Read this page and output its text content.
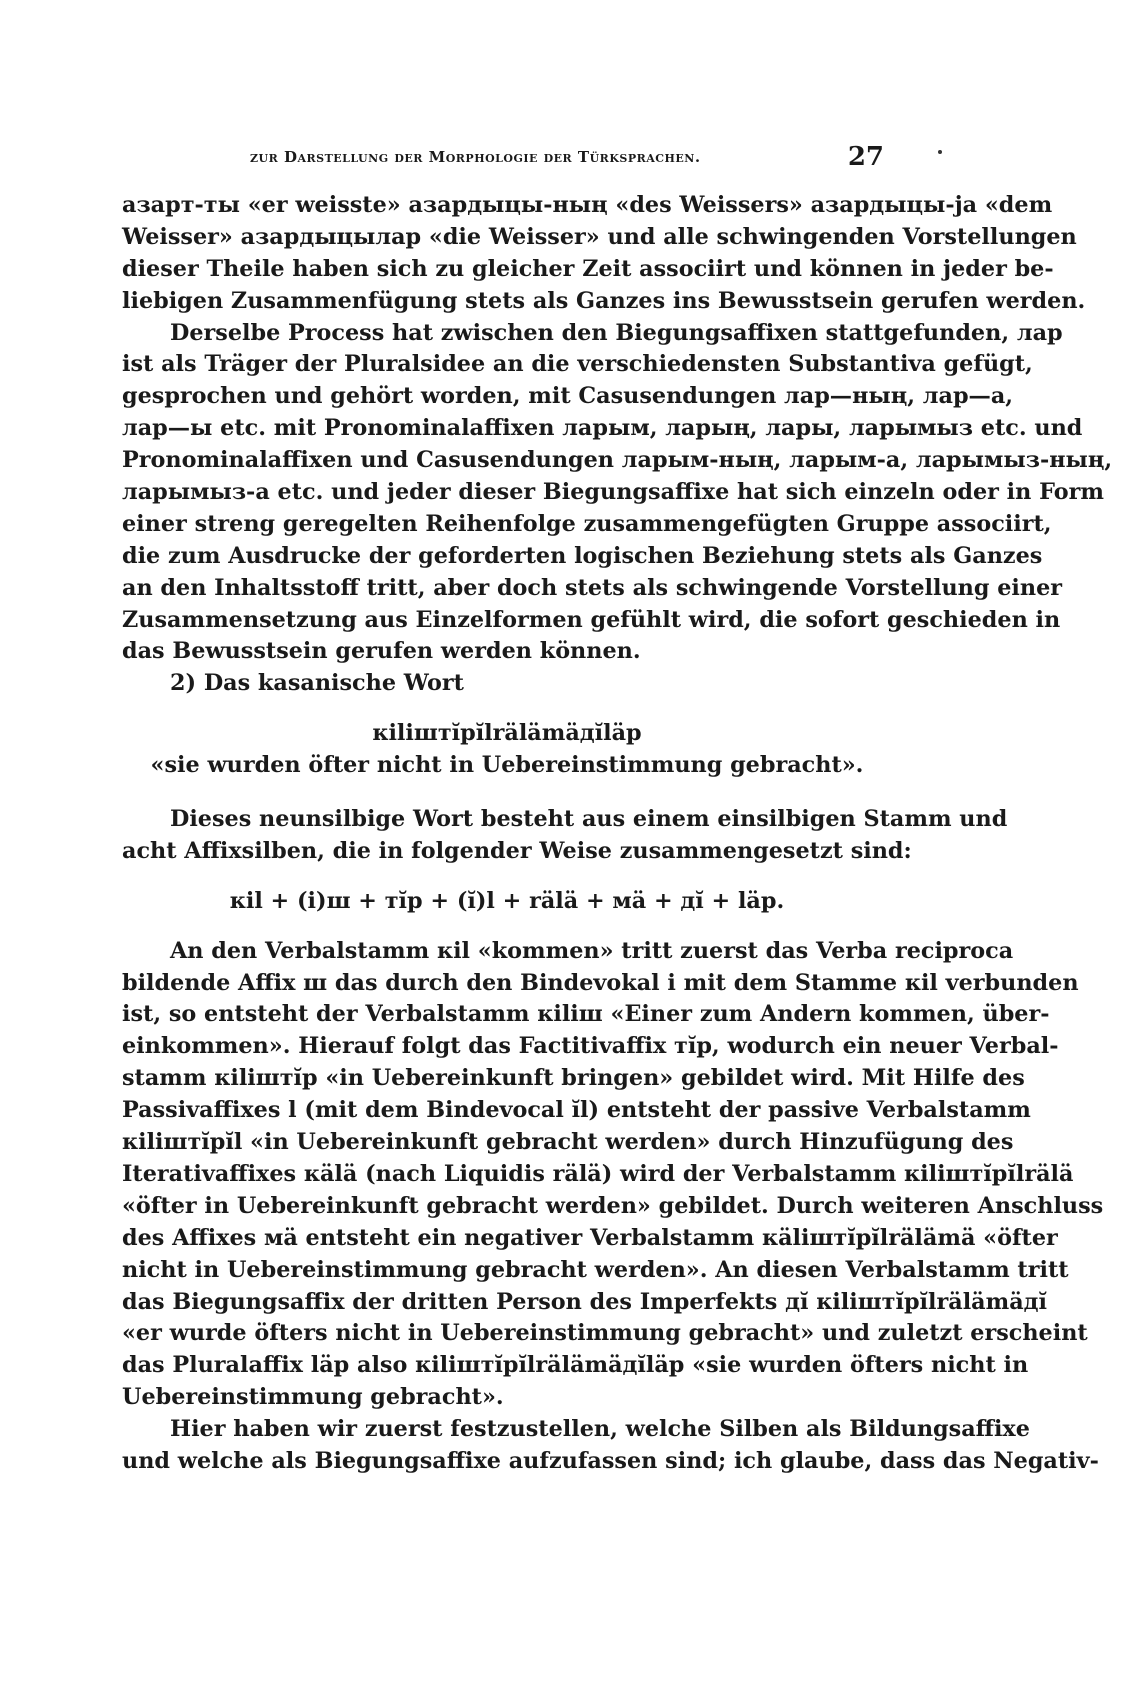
zur Darstellung der Morphologie der Türksprachen.	27
aзарт-ты «er weisste» aзардыцы-ның «des Weissers» aзардыцы-ja «dem
Weisser» aзардыцылар «die Weisser» und alle schwingenden Vorstellungen
dieser Theile haben sich zu gleicher Zeit associirt und können in jeder be-
liebigen Zusammenfügung stets als Ganzes ins Bewusstsein gerufen werden.
Derselbe Process hat zwischen den Biegungsaffixen stattgefunden, лар
ist als Träger der Pluralsidee an die verschiedensten Substantiva gefügt,
gesprochen und gehört worden, mit Casusendungen лар—ның, лар—а,
лар—ы etc. mit Pronominalaffixen ларым, ларың, лары, ларымыз etc. und
Pronominalaffixen und Casusendungen ларым-ның, ларым-а, ларымыз-ның,
ларымыз-а etc. und jeder dieser Biegungsaffixe hat sich einzeln oder in Form
einer streng geregelten Reihenfolge zusammengefügten Gruppe associirt,
die zum Ausdrucke der geforderten logischen Beziehung stets als Ganzes
an den Inhaltsstoff tritt, aber doch stets als schwingende Vorstellung einer
Zusammensetzung aus Einzelformen gefühlt wird, die sofort geschieden in
das Bewusstsein gerufen werden können.
2) Das kasanische Wort
кіlішті̆рі̆lrälämäді̆läр
«sie wurden öfter nicht in Uebereinstimmung gebracht».
Dieses neunsilbige Wort besteht aus einem einsilbigen Stamm und
acht Affixsilben, die in folgender Weise zusammengesetzt sind:
кіl + (і)ш + ті̆р + (і̆)l + rälä + мä + ді̆ + läр.
An den Verbalstamm кіl «kommen» tritt zuerst das Verba reciproca
bildende Affix ш das durch den Bindevokal і mit dem Stamme кіl verbunden
ist, so entsteht der Verbalstamm кіlіш «Einer zum Andern kommen, über-
einkommen». Hierauf folgt das Factitivaffix ті̆р, wodurch ein neuer Verbal-
stamm кіlішті̆р «in Uebereinkunft bringen» gebildet wird. Mit Hilfe des
Passivaffixes l (mit dem Bindevocal і̆l) entsteht der passive Verbalstamm
кіlішті̆рі̆l «in Uebereinkunft gebracht werden» durch Hinzufügung des
Iterativaffixes кälä (nach Liquidis rälä) wird der Verbalstamm кіlішті̆рі̆lrälä
«öfter in Uebereinkunft gebracht werden» gebildet. Durch weiteren Anschluss
des Affixes мä entsteht ein negativer Verbalstamm кälішті̆рі̆lrälämä «öfter
nicht in Uebereinstimmung gebracht werden». An diesen Verbalstamm tritt
das Biegungsaffix der dritten Person des Imperfekts ді̆ кіlішті̆рі̆lrälämäді̆
«er wurde öfters nicht in Uebereinstimmung gebracht» und zuletzt erscheint
das Pluralaffix läр also кіlішті̆рі̆lrälämäді̆läр «sie wurden öfters nicht in
Uebereinstimmung gebracht».
Hier haben wir zuerst festzustellen, welche Silben als Bildungsaffixe
und welche als Biegungsaffixe aufzufassen sind; ich glaube, dass das Negativ-
